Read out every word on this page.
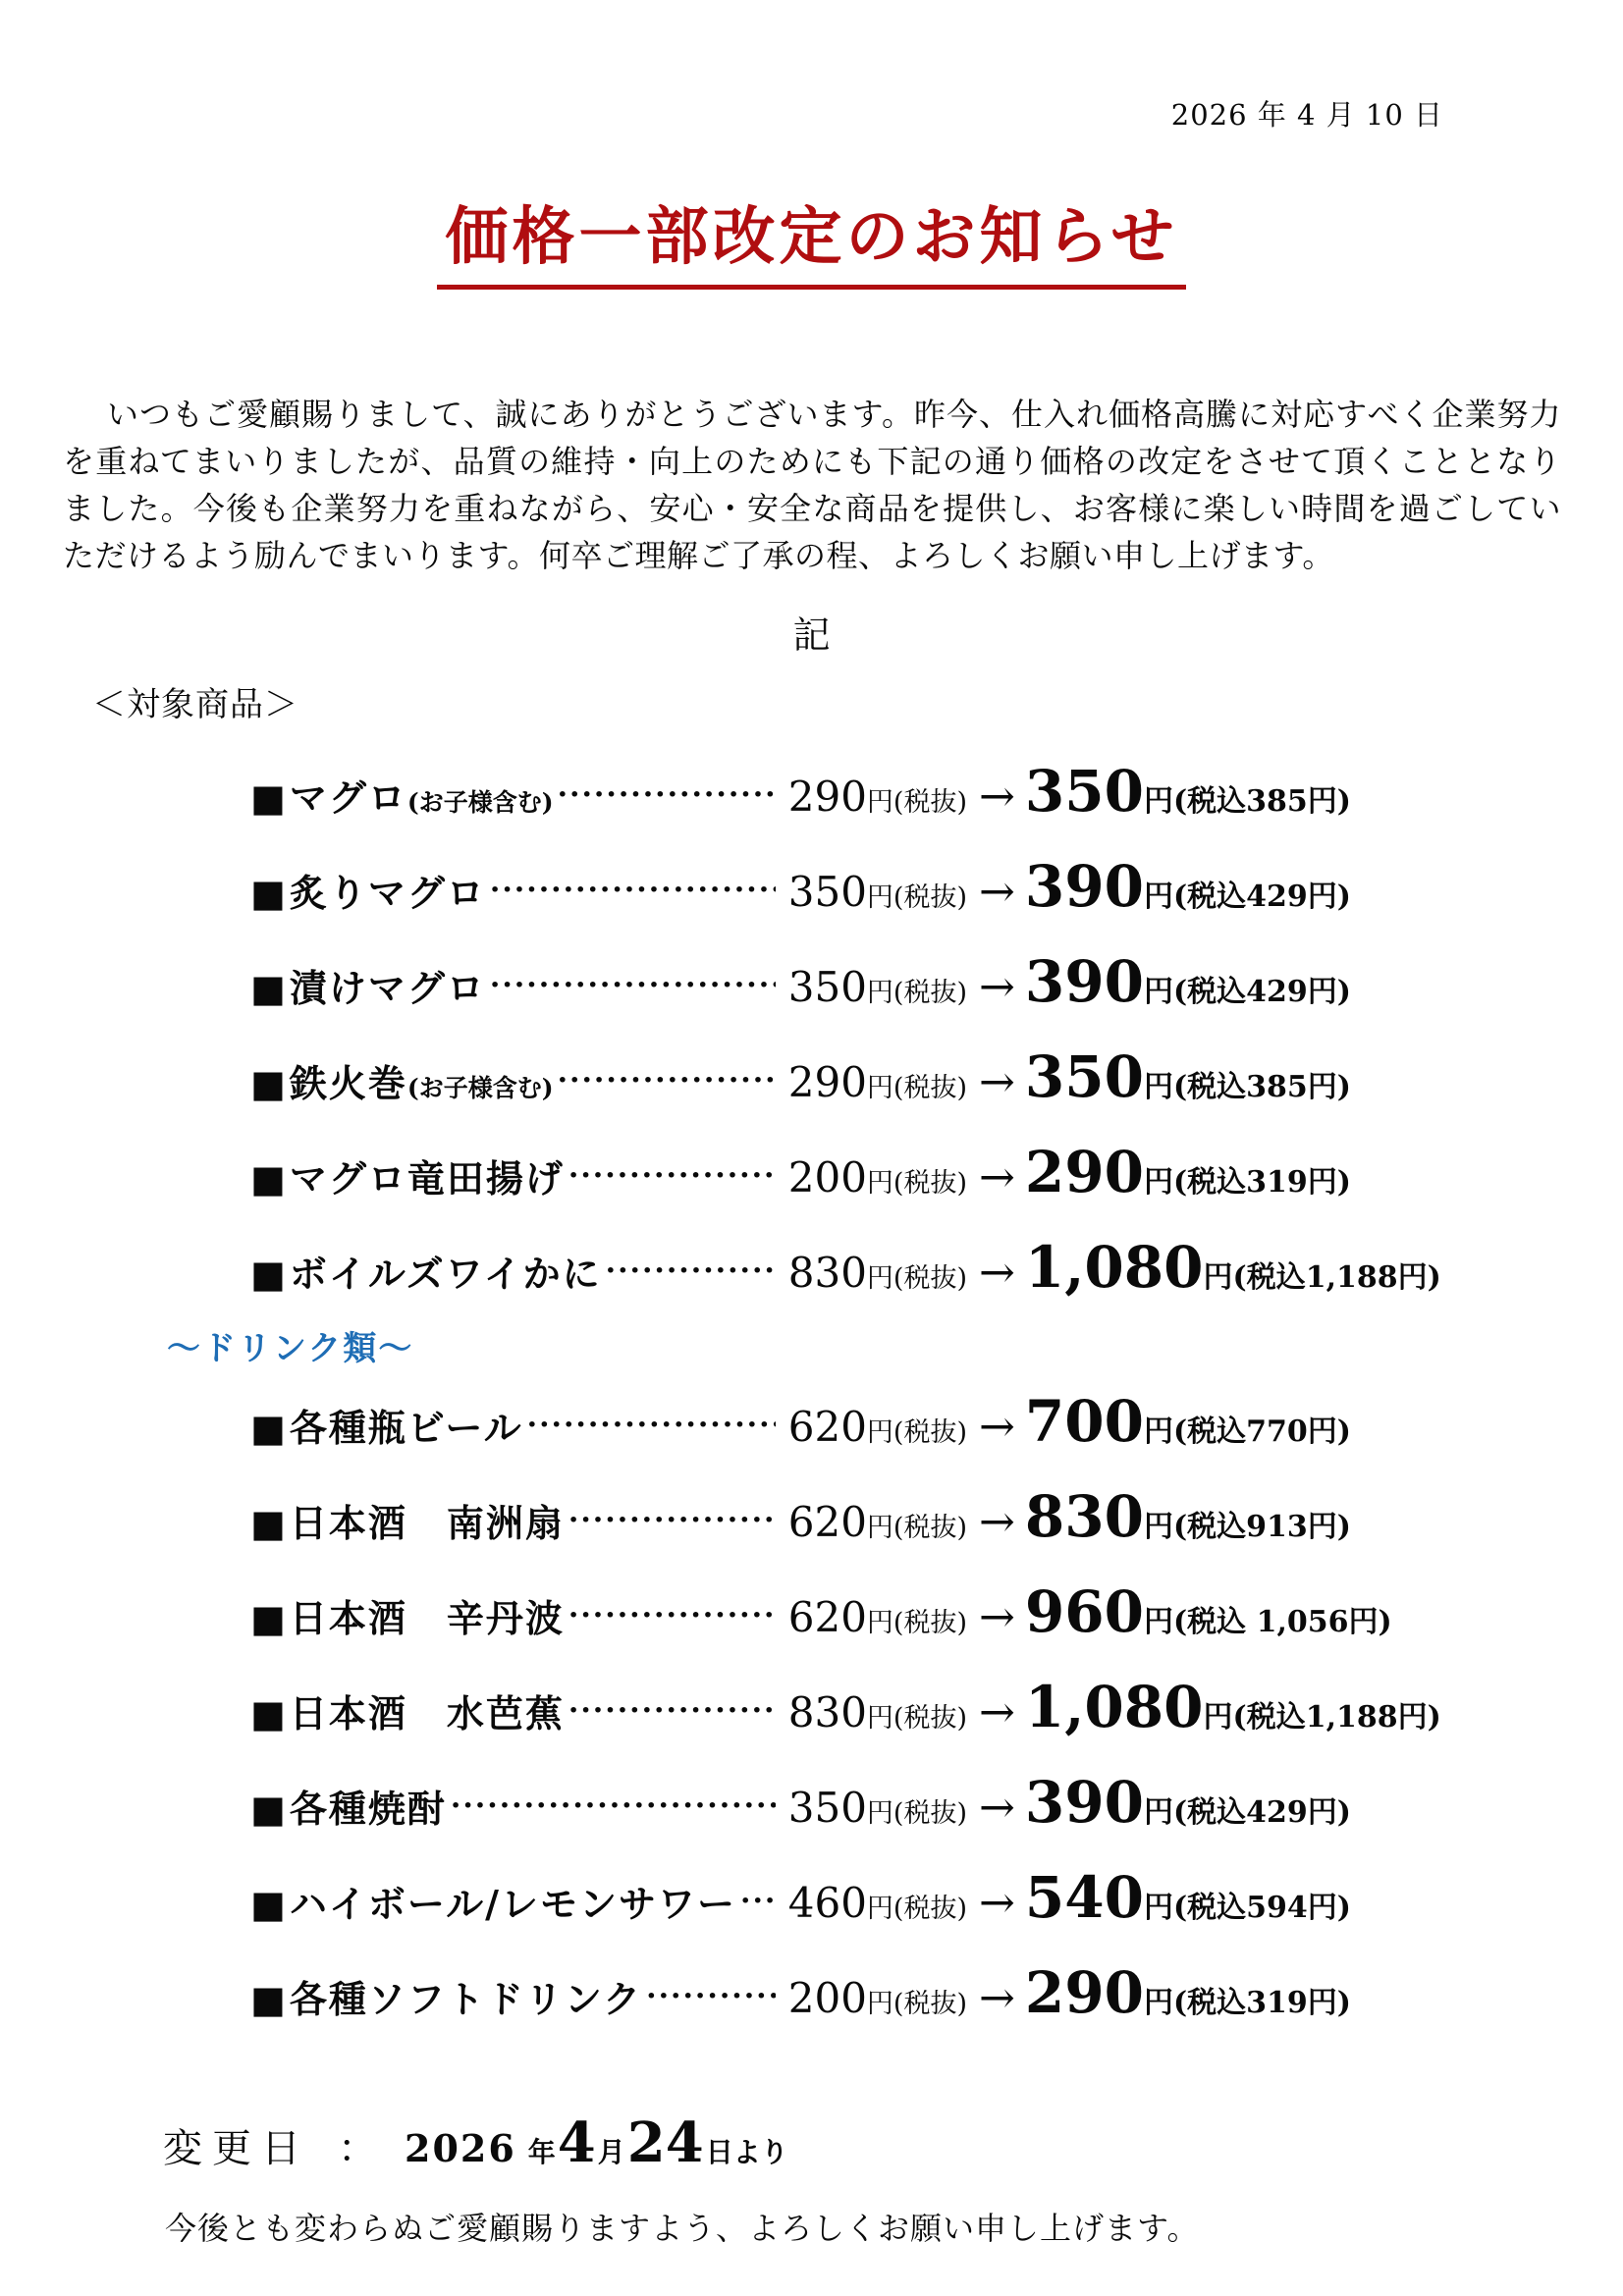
2026 年 4 月 10 日
価格一部改定のお知らせ
いつもご愛顧賜りまして、誠にありがとうございます。昨今、仕入れ価格高騰に対応すべく企業努力を重ねてまいりましたが、品質の維持・向上のためにも下記の通り価格の改定をさせて頂くこととなりました。今後も企業努力を重ねながら、安心・安全な商品を提供し、お客様に楽しい時間を過ごしていただけるよう励んでまいります。何卒ご理解ご了承の程、よろしくお願い申し上げます。
記
＜対象商品＞
■ マグロ(お子様含む) ·····	290円(税抜) → 350円(税込385円)
■ 炙りマグロ ·····	350円(税抜) → 390円(税込429円)
■ 漬けマグロ ·····	350円(税抜) → 390円(税込429円)
■ 鉄火巻(お子様含む) ·····	290円(税抜) → 350円(税込385円)
■ マグロ竜田揚げ ·····	200円(税抜) → 290円(税込319円)
■ ボイルズワイかに ·····	830円(税抜) → 1,080円(税込1,188円)
～ドリンク類～
■ 各種瓶ビール ·····	620円(税抜) → 700円(税込770円)
■ 日本酒　南洲扇 ·····	620円(税抜) → 830円(税込913円)
■ 日本酒　辛丹波 ·····	620円(税抜) → 960円(税込 1,056円)
■ 日本酒　水芭蕉 ·····	830円(税抜) → 1,080円(税込1,188円)
■ 各種焼酎 ·····	350円(税抜) → 390円(税込429円)
■ ハイボール/レモンサワー ·····	460円(税抜) → 540円(税込594円)
■ 各種ソフトドリンク ·····	200円(税抜) → 290円(税込319円)
変更日 ： 2026 年 4 月 24 日より
今後とも変わらぬご愛顧賜りますよう、よろしくお願い申し上げます。
